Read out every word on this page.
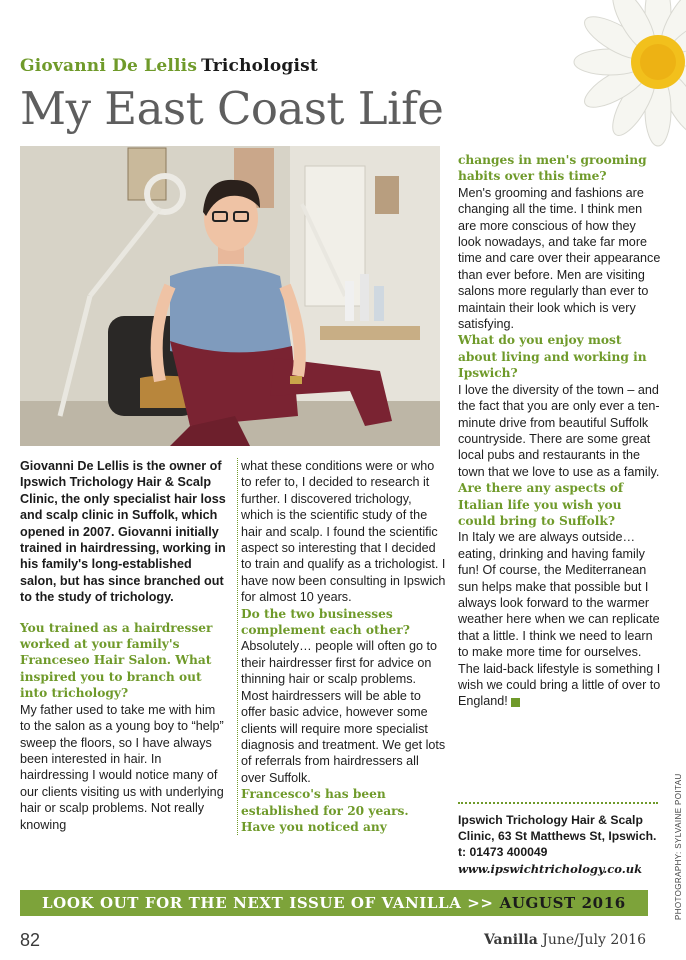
Giovanni De Lellis Trichologist
My East Coast Life

Giovanni De Lellis is the owner of Ipswich Trichology Hair & Scalp Clinic, the only specialist hair loss and scalp clinic in Suffolk, which opened in 2007. Giovanni initially trained in hairdressing, working in his family's long-established salon, but has since branched out to the study of trichology.

You trained as a hairdresser worked at your family's Franceseo Hair Salon. What inspired you to branch out into trichology?

My father used to take me with him to the salon as a young boy to “help” sweep the floors, so I have always been interested in hair. In hairdressing I would notice many of our clients visiting us with underlying hair or scalp problems. Not really knowing

what these conditions were or who to refer to, I decided to research it further. I discovered trichology, which is the scientific study of the hair and scalp. I found the scientific aspect so interesting that I decided to train and qualify as a trichologist. I have now been consulting in Ipswich for almost 10 years.

Do the two businesses complement each other?

Absolutely… people will often go to their hairdresser first for advice on thinning hair or scalp problems. Most hairdressers will be able to offer basic advice, however some clients will require more specialist diagnosis and treatment. We get lots of referrals from hairdressers all over Suffolk.

Francesco's has been established for 20 years. Have you noticed any

changes in men's grooming habits over this time?

Men's grooming and fashions are changing all the time. I think men are more conscious of how they look nowadays, and take far more time and care over their appearance than ever before. Men are visiting salons more regularly than ever to maintain their look which is very satisfying.

What do you enjoy most about living and working in Ipswich?

I love the diversity of the town – and the fact that you are only ever a ten-minute drive from beautiful Suffolk countryside. There are some great local pubs and restaurants in the town that we love to use as a family.

Are there any aspects of Italian life you wish you could bring to Suffolk?

In Italy we are always outside… eating, drinking and having family fun! Of course, the Mediterranean sun helps make that possible but I always look forward to the warmer weather here when we can replicate that a little. I think we need to learn to make more time for ourselves. The laid-back lifestyle is something I wish we could bring a little of over to England!

Ipswich Trichology Hair & Scalp Clinic, 63 St Matthews St, Ipswich. t: 01473 400049
www.ipswichtrichology.co.uk	PHOTOGRAPHY: SYLVAINE POITAU
LOOK OUT FOR THE NEXT ISSUE OF VANILLA >> AUGUST 2016
82	Vanilla June/July 2016
